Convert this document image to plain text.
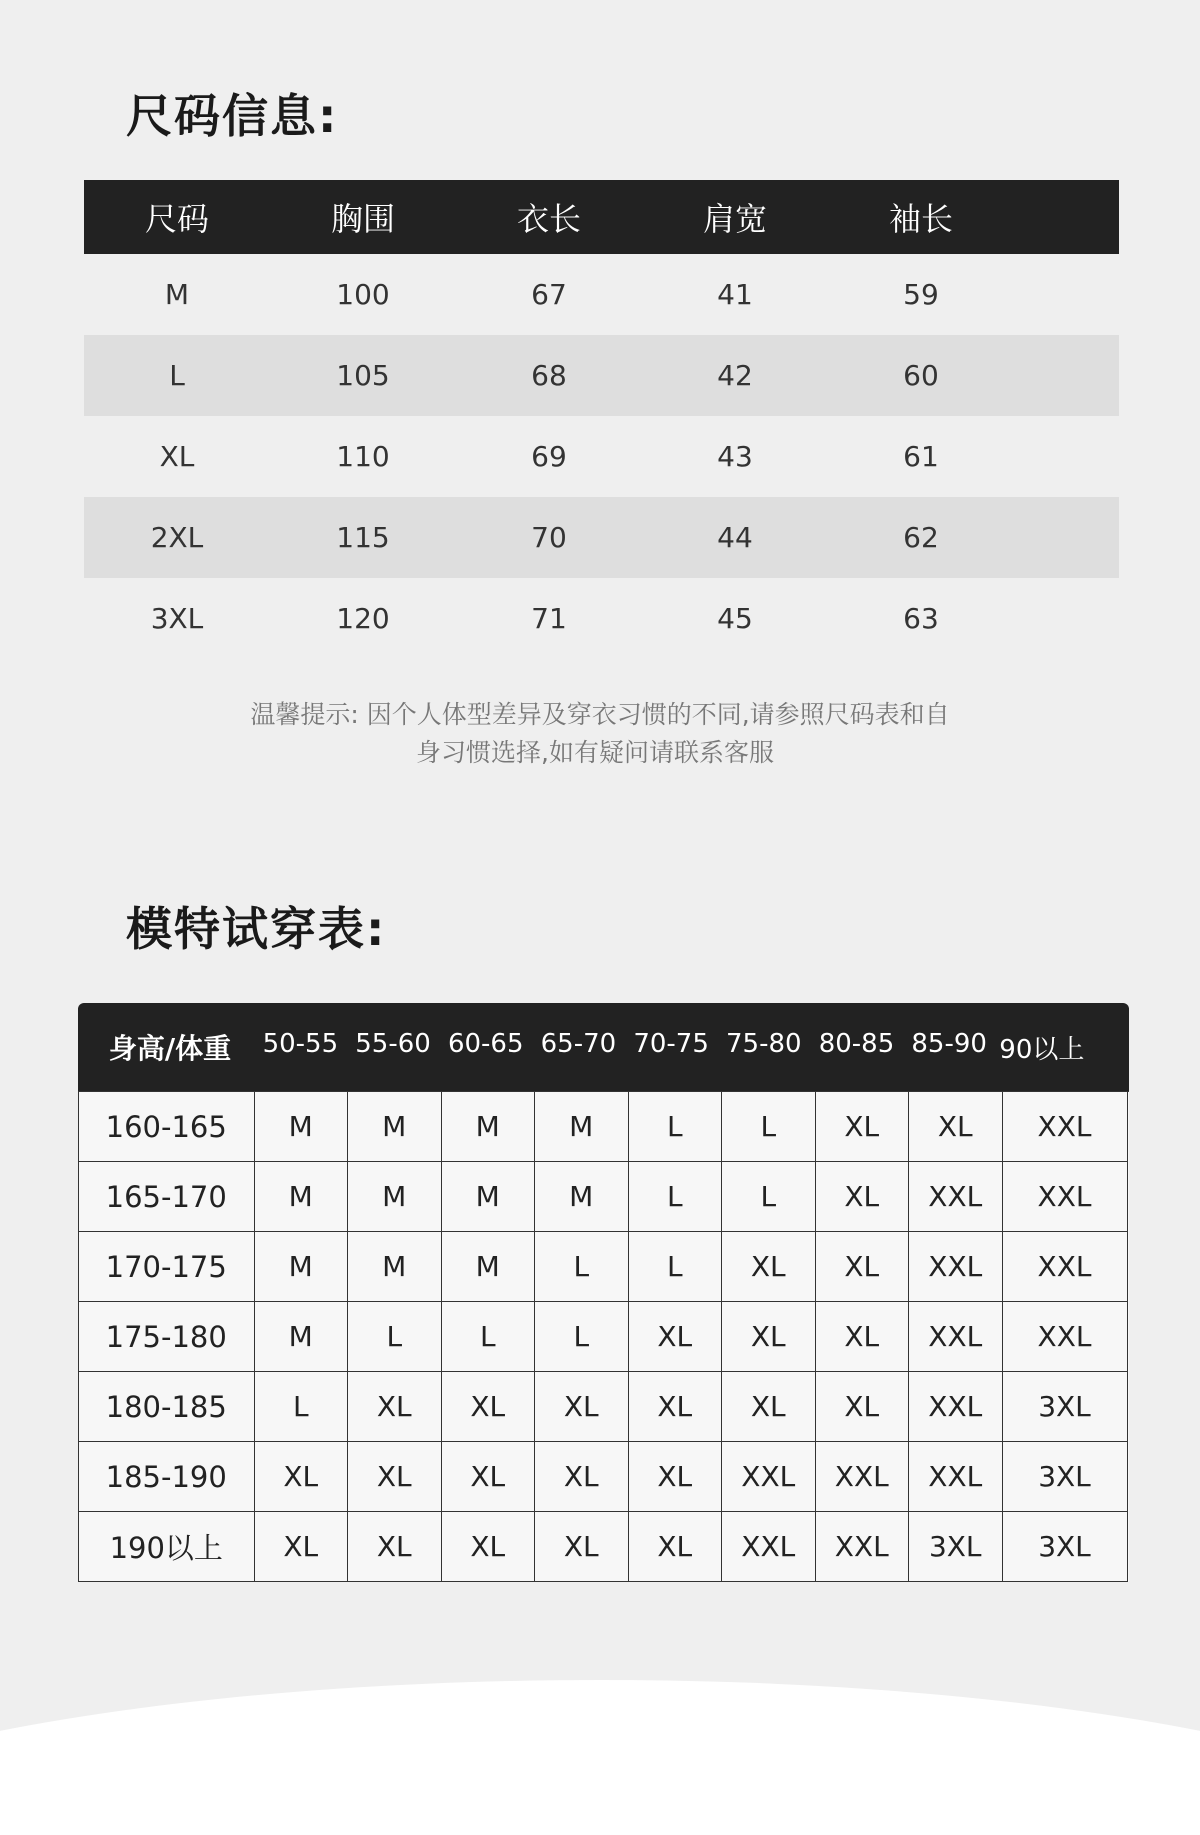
尺码信息:
尺码	胸围	衣长	肩宽	袖长
M	100	67	41	59
L	105	68	42	60
XL	110	69	43	61
2XL	115	70	44	62
3XL	120	71	45	63
温馨提示: 因个人体型差异及穿衣习惯的不同,请参照尺码表和自
身习惯选择,如有疑问请联系客服
模特试穿表:
身高/体重	50-55 55-60 60-65 65-70 70-75 75-80 80-85 85-90 90以上
160-165	M	M	M	M	L	L	XL	XL	XXL
165-170	M	M	M	M	L	L	XL	XXL	XXL
170-175	M	M	M	L	L	XL	XL	XXL	XXL
175-180	M	L	L	L	XL	XL	XL	XXL	XXL
180-185	L	XL	XL	XL	XL	XL	XL	XXL	3XL
185-190	XL	XL	XL	XL	XL	XXL	XXL	XXL	3XL
190以上	XL	XL	XL	XL	XL	XXL	XXL	3XL	3XL
